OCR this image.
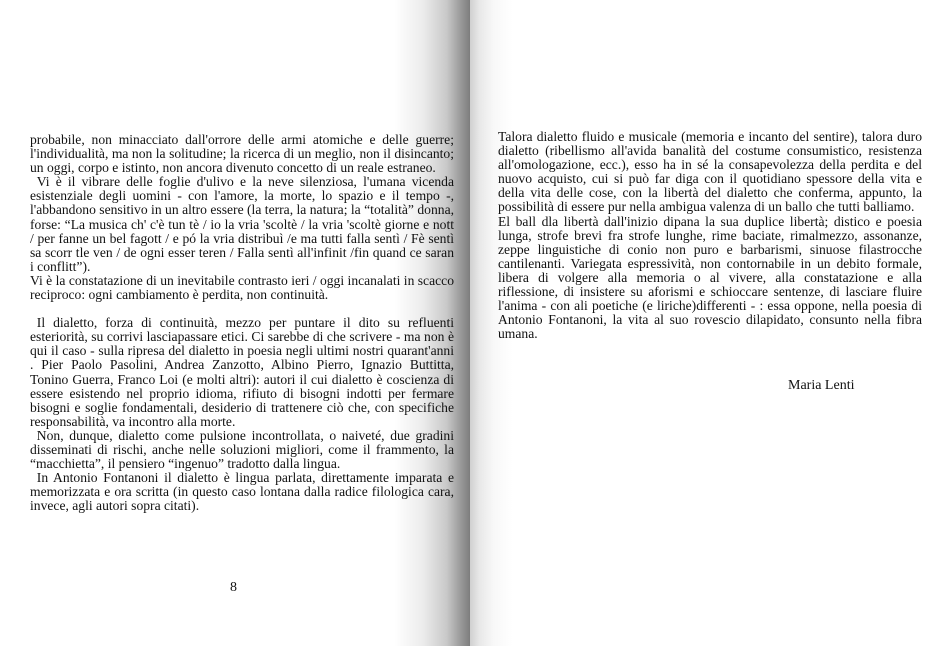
probabile, non minacciato dall'orrore delle armi atomiche e delle guerre; l'individualità, ma non la solitudine; la ricerca di un meglio, non il disincanto; un oggi, corpo e istinto, non ancora divenuto concetto di un reale estraneo.

Vi è il vibrare delle foglie d'ulivo e la neve silenziosa, l'umana vicenda esistenziale degli uomini - con l'amore, la morte, lo spazio e il tempo -, l'abbandono sensitivo in un altro essere (la terra, la natura; la “totalità” donna, forse: “La musica ch' c'è tun tè / io la vria 'scoltè / la vria 'scoltè giorne e nott / per fanne un bel fagott / e pó la vria distribuì /e ma tutti falla sentì / Fè sentì sa scorr tle ven / de ogni esser teren / Falla sentì all'infinit /fin quand ce saran i conflitt”).

Vi è la constatazione di un inevitabile contrasto ieri / oggi incanalati in scacco reciproco: ogni cambiamento è perdita, non continuità.

Il dialetto, forza di continuità, mezzo per puntare il dito su refluenti esteriorità, su corrivi lasciapassare etici. Ci sarebbe di che scrivere - ma non è qui il caso - sulla ripresa del dialetto in poesia negli ultimi nostri quarant'anni . Pier Paolo Pasolini, Andrea Zanzotto, Albino Pierro, Ignazio Buttitta, Tonino Guerra, Franco Loi (e molti altri): autori il cui dialetto è coscienza di essere esistendo nel proprio idioma, rifiuto di bisogni indotti per fermare bisogni e soglie fondamentali, desiderio di trattenere ciò che, con specifiche responsabilità, va incontro alla morte.

Non, dunque, dialetto come pulsione incontrollata, o naiveté, due gradini disseminati di rischi, anche nelle soluzioni migliori, come il frammento, la “macchietta”, il pensiero “ingenuo” tradotto dalla lingua.

In Antonio Fontanoni il dialetto è lingua parlata, direttamente imparata e memorizzata e ora scritta (in questo caso lontana dalla radice filologica cara, invece, agli autori sopra citati).

8

Talora dialetto fluido e musicale (memoria e incanto del sentire), talora duro dialetto (ribellismo all'avida banalità del costume consumistico, resistenza all'omologazione, ecc.), esso ha in sé la consapevolezza della perdita e del nuovo acquisto, cui si può far diga con il quotidiano spessore della vita e della vita delle cose, con la libertà del dialetto che conferma, appunto, la possibilità di essere pur nella ambigua valenza di un ballo che tutti balliamo.

El ball dla libertà dall'inizio dipana la sua duplice libertà; distico e poesia lunga, strofe brevi fra strofe lunghe, rime baciate, rimalmezzo, assonanze, zeppe linguistiche di conio non puro e barbarismi, sinuose filastrocche cantilenanti. Variegata espressività, non contornabile in un debito formale, libera di volgere alla memoria o al vivere, alla constatazione e alla riflessione, di insistere su aforismi e schioccare sentenze, di lasciare fluire l'anima - con ali poetiche (e liriche)differenti - : essa oppone, nella poesia di Antonio Fontanoni, la vita al suo rovescio dilapidato, consunto nella fibra umana.

Maria Lenti
